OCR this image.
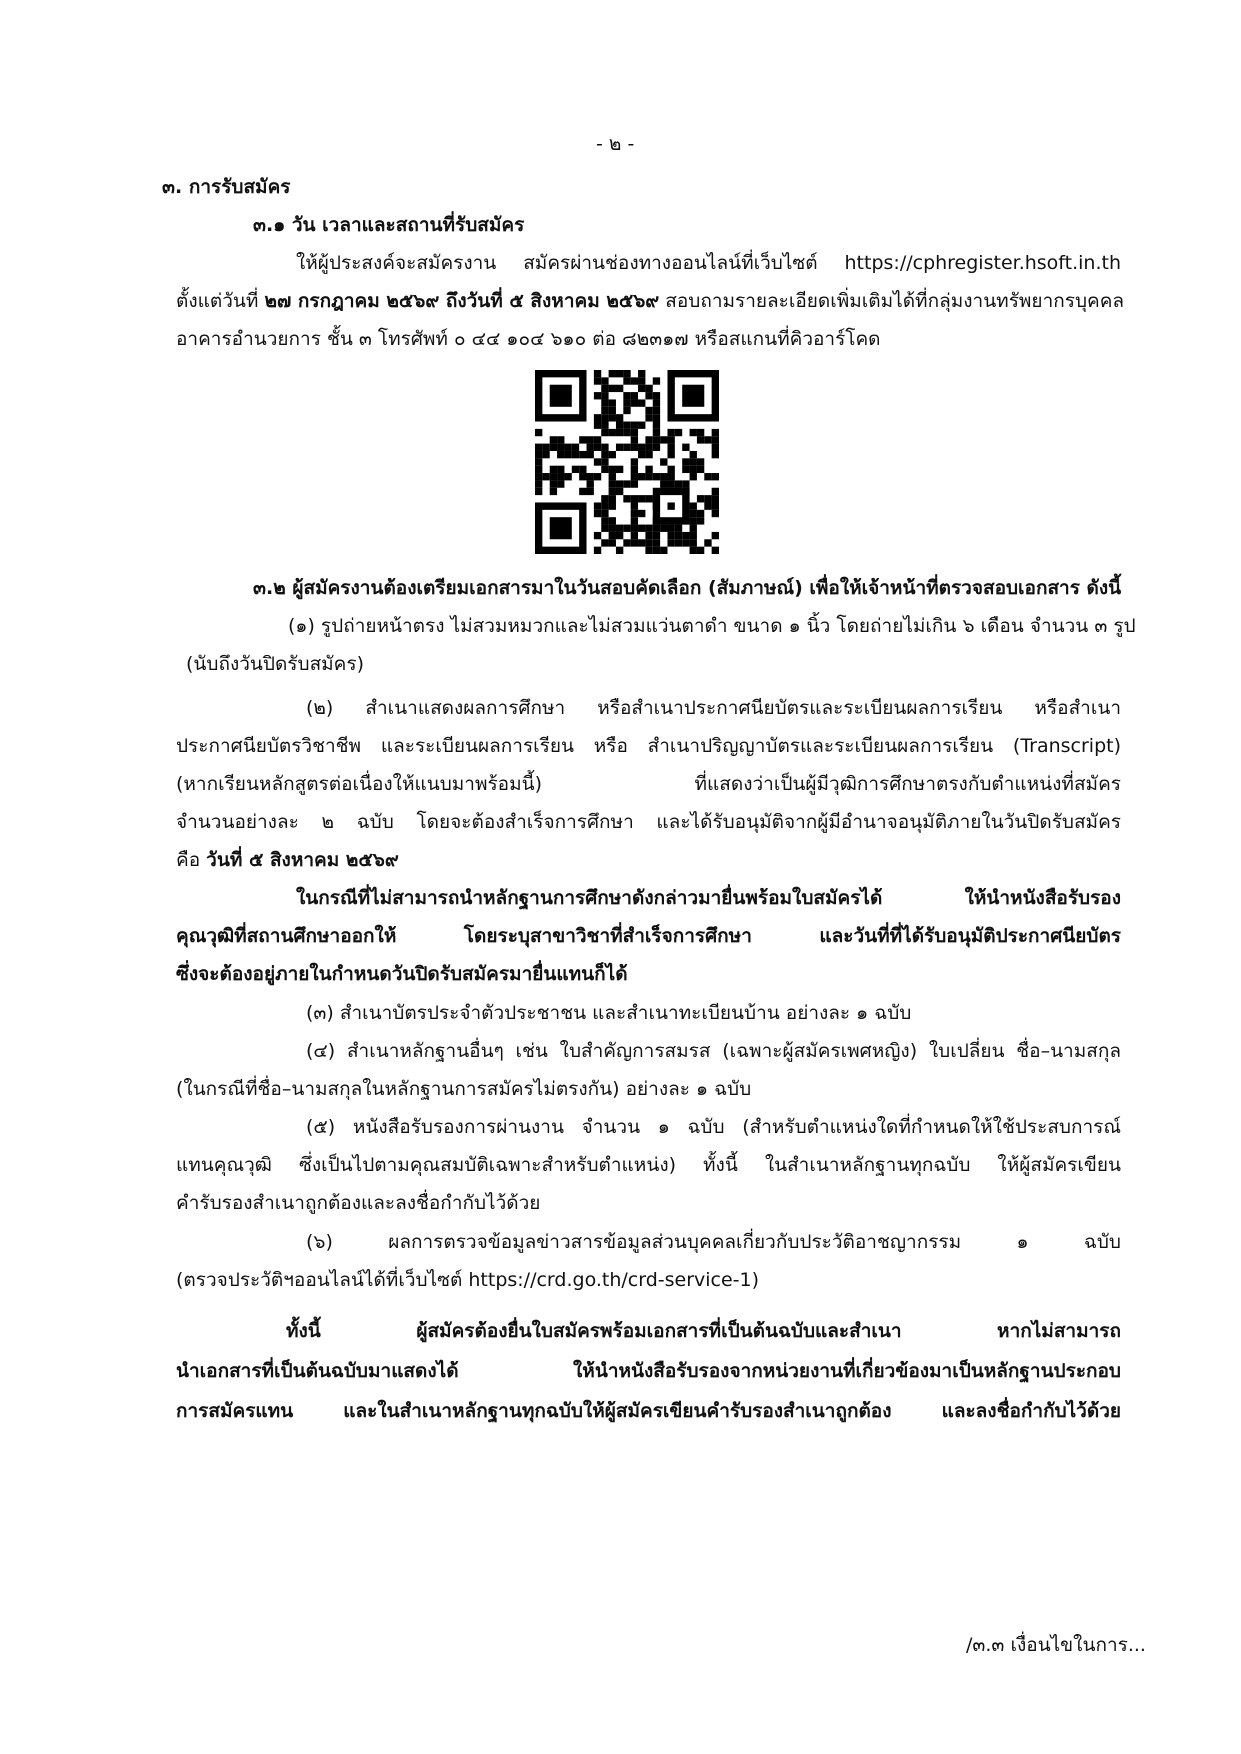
- ๒ -
๓. การรับสมัคร
๓.๑ วัน เวลาและสถานที่รับสมัคร
ให้ผู้ประสงค์จะสมัครงาน สมัครผ่านช่องทางออนไลน์ที่เว็บไซต์ https://cphregister.hsoft.in.th
ตั้งแต่วันที่ ๒๗ กรกฎาคม ๒๕๖๙ ถึงวันที่ ๕ สิงหาคม ๒๕๖๙ สอบถามรายละเอียดเพิ่มเติมได้ที่กลุ่มงานทรัพยากรบุคคล
อาคารอำนวยการ ชั้น ๓ โทรศัพท์ ๐ ๔๔ ๑๐๔ ๖๑๐ ต่อ ๘๒๓๑๗ หรือสแกนที่คิวอาร์โคด
๓.๒ ผู้สมัครงานต้องเตรียมเอกสารมาในวันสอบคัดเลือก (สัมภาษณ์) เพื่อให้เจ้าหน้าที่ตรวจสอบเอกสาร ดังนี้
(๑) รูปถ่ายหน้าตรง ไม่สวมหมวกและไม่สวมแว่นตาดำ ขนาด ๑ นิ้ว โดยถ่ายไม่เกิน ๖ เดือน จำนวน ๓ รูป
(นับถึงวันปิดรับสมัคร)
(๒) สำเนาแสดงผลการศึกษา หรือสำเนาประกาศนียบัตรและระเบียนผลการเรียน หรือสำเนา
ประกาศนียบัตรวิชาชีพ และระเบียนผลการเรียน หรือ สำเนาปริญญาบัตรและระเบียนผลการเรียน (Transcript)
(หากเรียนหลักสูตรต่อเนื่องให้แนบมาพร้อมนี้) ที่แสดงว่าเป็นผู้มีวุฒิการศึกษาตรงกับตำแหน่งที่สมัคร
จำนวนอย่างละ ๒ ฉบับ โดยจะต้องสำเร็จการศึกษา และได้รับอนุมัติจากผู้มีอำนาจอนุมัติภายในวันปิดรับสมัคร
คือ วันที่ ๕ สิงหาคม ๒๕๖๙
ในกรณีที่ไม่สามารถนำหลักฐานการศึกษาดังกล่าวมายื่นพร้อมใบสมัครได้ ให้นำหนังสือรับรอง
คุณวุฒิที่สถานศึกษาออกให้ โดยระบุสาขาวิชาที่สำเร็จการศึกษา และวันที่ที่ได้รับอนุมัติประกาศนียบัตร
ซึ่งจะต้องอยู่ภายในกำหนดวันปิดรับสมัครมายื่นแทนก็ได้
(๓) สำเนาบัตรประจำตัวประชาชน และสำเนาทะเบียนบ้าน อย่างละ ๑ ฉบับ
(๔) สำเนาหลักฐานอื่นๆ เช่น ใบสำคัญการสมรส (เฉพาะผู้สมัครเพศหญิง) ใบเปลี่ยน ชื่อ–นามสกุล
(ในกรณีที่ชื่อ–นามสกุลในหลักฐานการสมัครไม่ตรงกัน) อย่างละ ๑ ฉบับ
(๕) หนังสือรับรองการผ่านงาน จำนวน ๑ ฉบับ (สำหรับตำแหน่งใดที่กำหนดให้ใช้ประสบการณ์
แทนคุณวุฒิ ซึ่งเป็นไปตามคุณสมบัติเฉพาะสำหรับตำแหน่ง) ทั้งนี้ ในสำเนาหลักฐานทุกฉบับ ให้ผู้สมัครเขียน
คำรับรองสำเนาถูกต้องและลงชื่อกำกับไว้ด้วย
(๖) ผลการตรวจข้อมูลข่าวสารข้อมูลส่วนบุคคลเกี่ยวกับประวัติอาชญากรรม ๑ ฉบับ
(ตรวจประวัติฯออนไลน์ได้ที่เว็บไซต์ https://crd.go.th/crd-service-1)
ทั้งนี้ ผู้สมัครต้องยื่นใบสมัครพร้อมเอกสารที่เป็นต้นฉบับและสำเนา หากไม่สามารถ
นำเอกสารที่เป็นต้นฉบับมาแสดงได้ ให้นำหนังสือรับรองจากหน่วยงานที่เกี่ยวข้องมาเป็นหลักฐานประกอบ
การสมัครแทน และในสำเนาหลักฐานทุกฉบับให้ผู้สมัครเขียนคำรับรองสำเนาถูกต้อง และลงชื่อกำกับไว้ด้วย
/๓.๓ เงื่อนไขในการ...
